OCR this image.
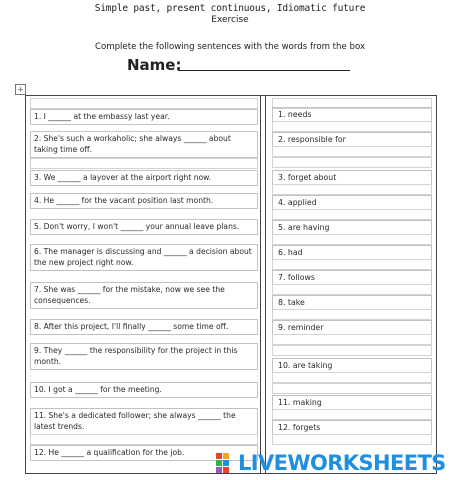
Simple past, present continuous, Idiomatic future
Exercise
Complete the following sentences with the words from the box
Name:
+
1. I ______ at the embassy last year.
2. She's such a workaholic; she always ______ about taking time off.
3. We ______ a layover at the airport right now.
4. He ______ for the vacant position last month.
5. Don't worry, I won't ______ your annual leave plans.
6. The manager is discussing and ______ a decision about the new project right now.
7. She was ______ for the mistake, now we see the consequences.
8. After this project, I'll finally ______ some time off.
9. They ______ the responsibility for the project in this month.
10. I got a ______ for the meeting.
11. She's a dedicated follower; she always ______ the latest trends.
12. He ______ a qualification for the job.
1. needs
2. responsible for
3. forget about
4. applied
5. are having
6. had
7. follows
8. take
9. reminder
10. are taking
11. making
12. forgets
LIVEWORKSHEETS
